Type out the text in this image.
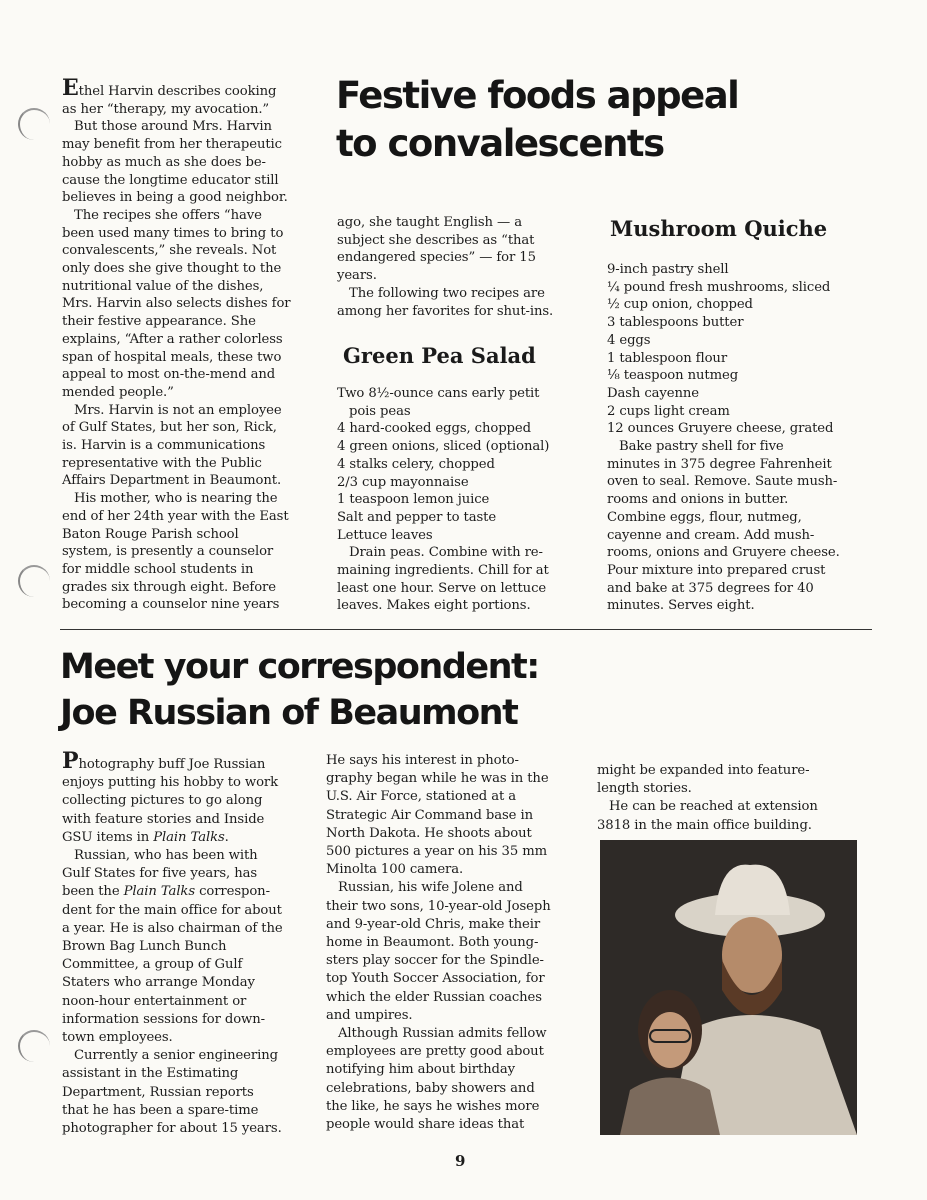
Festive foods appeal
to convalescents
Ethel Harvin describes cooking
as her “therapy, my avocation.”
But those around Mrs. Harvin
may benefit from her therapeutic
hobby as much as she does be-
cause the longtime educator still
believes in being a good neighbor.
The recipes she offers “have
been used many times to bring to
convalescents,” she reveals. Not
only does she give thought to the
nutritional value of the dishes,
Mrs. Harvin also selects dishes for
their festive appearance. She
explains, “After a rather colorless
span of hospital meals, these two
appeal to most on-the-mend and
mended people.”
Mrs. Harvin is not an employee
of Gulf States, but her son, Rick,
is. Harvin is a communications
representative with the Public
Affairs Department in Beaumont.
His mother, who is nearing the
end of her 24th year with the East
Baton Rouge Parish school
system, is presently a counselor
for middle school students in
grades six through eight. Before
becoming a counselor nine years
ago, she taught English — a
subject she describes as “that
endangered species” — for 15
years.
The following two recipes are
among her favorites for shut-ins.
Green Pea Salad
Two 8½-ounce cans early petit
pois peas
4 hard-cooked eggs, chopped
4 green onions, sliced (optional)
4 stalks celery, chopped
2/3 cup mayonnaise
1 teaspoon lemon juice
Salt and pepper to taste
Lettuce leaves
Drain peas. Combine with re-
maining ingredients. Chill for at
least one hour. Serve on lettuce
leaves. Makes eight portions.
Mushroom Quiche
9-inch pastry shell
¼ pound fresh mushrooms, sliced
½ cup onion, chopped
3 tablespoons butter
4 eggs
1 tablespoon flour
⅛ teaspoon nutmeg
Dash cayenne
2 cups light cream
12 ounces Gruyere cheese, grated
Bake pastry shell for five
minutes in 375 degree Fahrenheit
oven to seal. Remove. Saute mush-
rooms and onions in butter.
Combine eggs, flour, nutmeg,
cayenne and cream. Add mush-
rooms, onions and Gruyere cheese.
Pour mixture into prepared crust
and bake at 375 degrees for 40
minutes. Serves eight.
Meet your correspondent:
Joe Russian of Beaumont
Photography buff Joe Russian
enjoys putting his hobby to work
collecting pictures to go along
with feature stories and Inside
GSU items in Plain Talks.
Russian, who has been with
Gulf States for five years, has
been the Plain Talks correspon-
dent for the main office for about
a year. He is also chairman of the
Brown Bag Lunch Bunch
Committee, a group of Gulf
Staters who arrange Monday
noon-hour entertainment or
information sessions for down-
town employees.
Currently a senior engineering
assistant in the Estimating
Department, Russian reports
that he has been a spare-time
photographer for about 15 years.
He says his interest in photo-
graphy began while he was in the
U.S. Air Force, stationed at a
Strategic Air Command base in
North Dakota. He shoots about
500 pictures a year on his 35 mm
Minolta 100 camera.
Russian, his wife Jolene and
their two sons, 10-year-old Joseph
and 9-year-old Chris, make their
home in Beaumont. Both young-
sters play soccer for the Spindle-
top Youth Soccer Association, for
which the elder Russian coaches
and umpires.
Although Russian admits fellow
employees are pretty good about
notifying him about birthday
celebrations, baby showers and
the like, he says he wishes more
people would share ideas that
might be expanded into feature-
length stories.
He can be reached at extension
3818 in the main office building.
9
